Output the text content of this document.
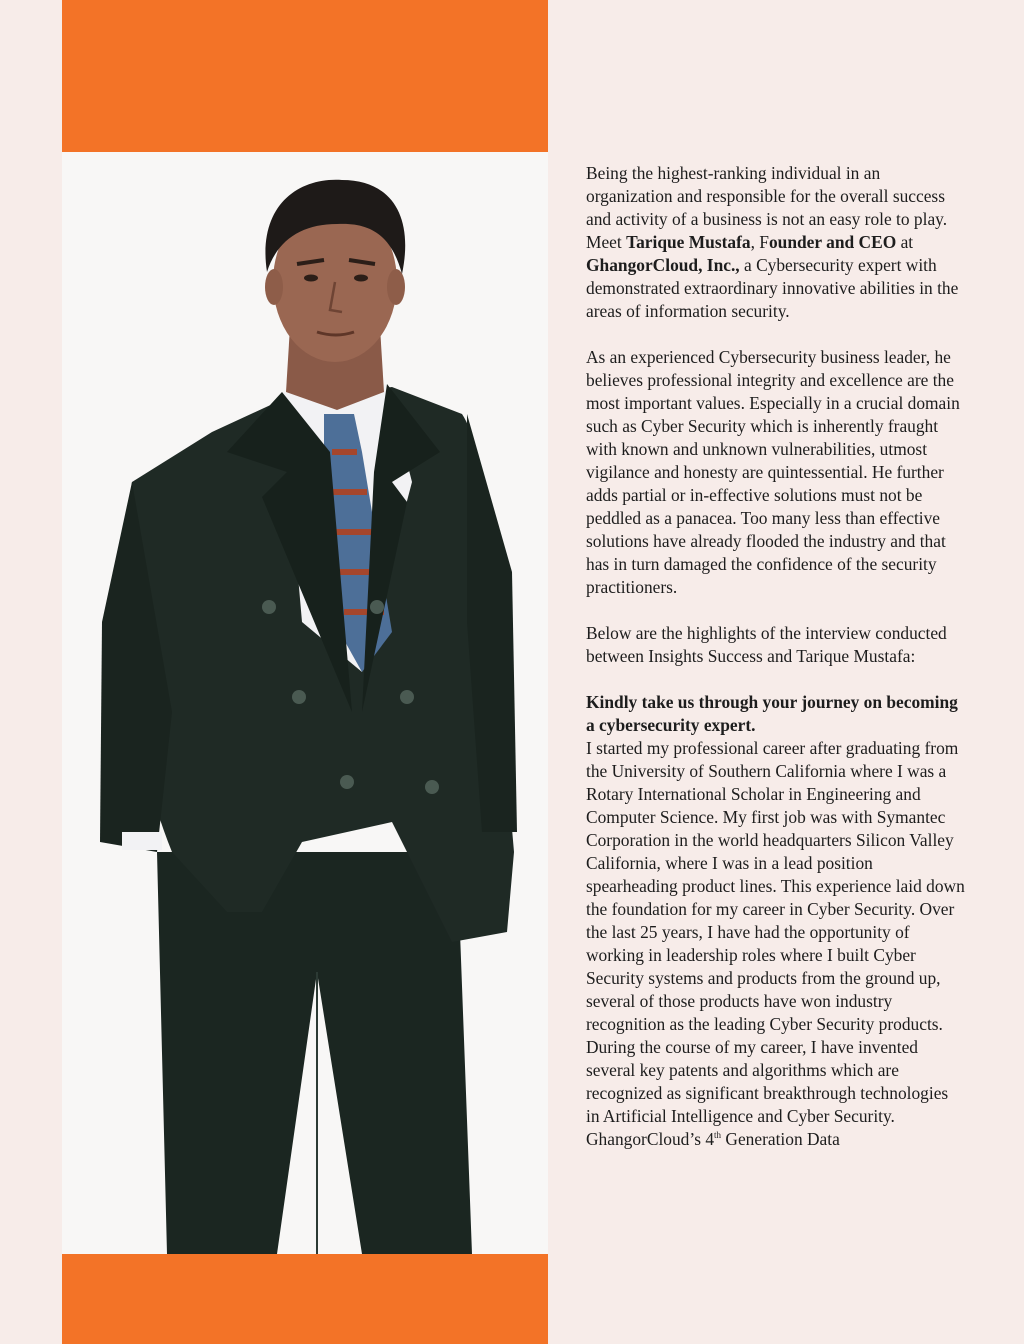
Being the highest-ranking individual in an organization and responsible for the overall success and activity of a business is not an easy role to play. Meet Tarique Mustafa, Founder and CEO at GhangorCloud, Inc., a Cybersecurity expert with demonstrated extraordinary innovative abilities in the areas of information security.

As an experienced Cybersecurity business leader, he believes professional integrity and excellence are the most important values. Especially in a crucial domain such as Cyber Security which is inherently fraught with known and unknown vulnerabilities, utmost vigilance and honesty are quintessential. He further adds partial or in-effective solutions must not be peddled as a panacea. Too many less than effective solutions have already flooded the industry and that has in turn damaged the confidence of the security practitioners.

Below are the highlights of the interview conducted between Insights Success and Tarique Mustafa:

Kindly take us through your journey on becoming a cybersecurity expert.

I started my professional career after graduating from the University of Southern California where I was a Rotary International Scholar in Engineering and Computer Science. My first job was with Symantec Corporation in the world headquarters Silicon Valley California, where I was in a lead position spearheading product lines. This experience laid down the foundation for my career in Cyber Security. Over the last 25 years, I have had the opportunity of working in leadership roles where I built Cyber Security systems and products from the ground up, several of those products have won industry recognition as the leading Cyber Security products. During the course of my career, I have invented several key patents and algorithms which are recognized as significant breakthrough technologies in Artificial Intelligence and Cyber Security. GhangorCloud’s 4th Generation Data
